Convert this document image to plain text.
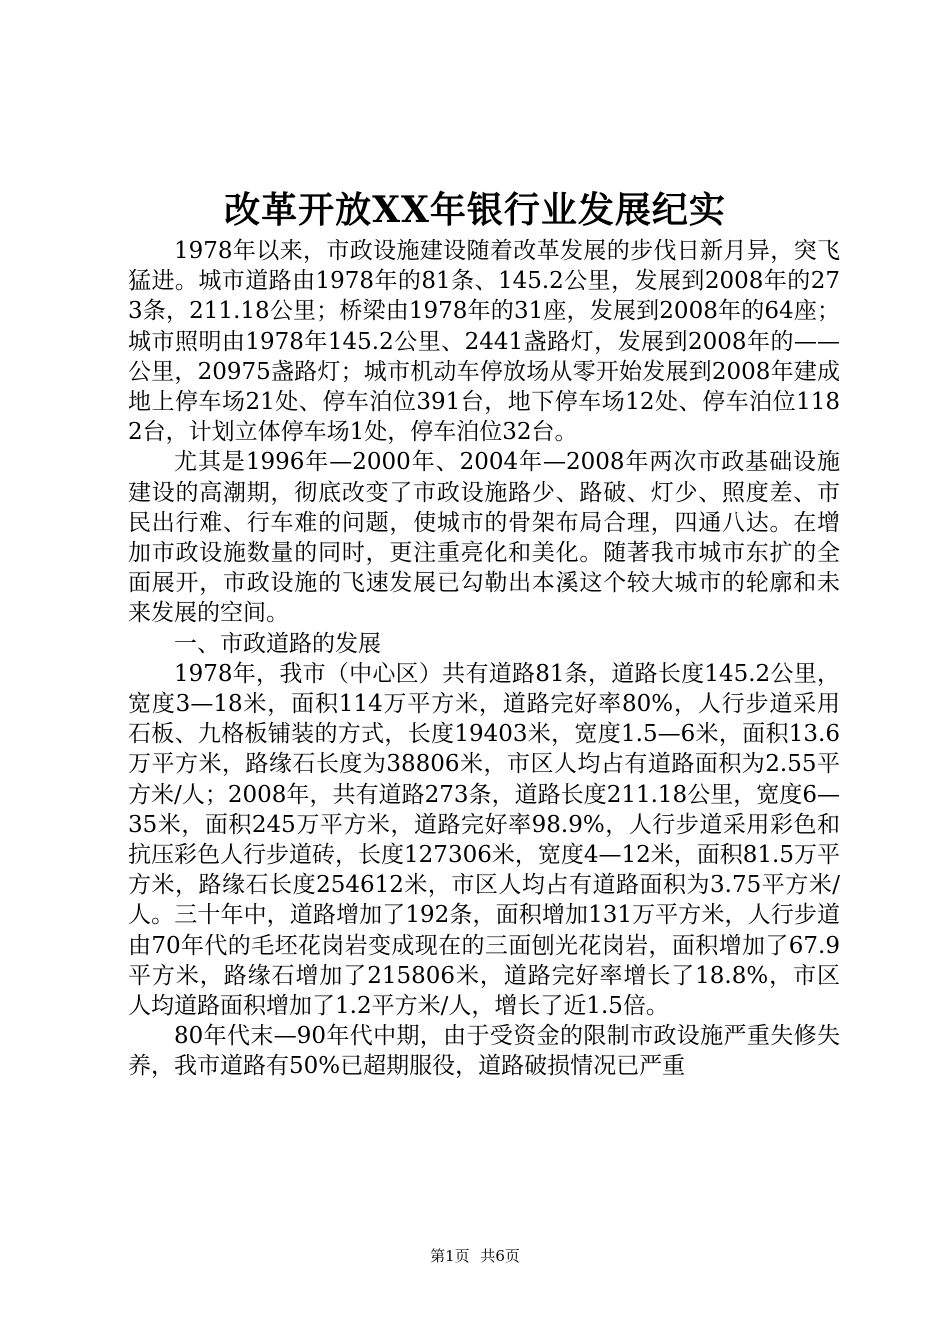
改革开放XX年银行业发展纪实

1978年以来，市政设施建设随着改革发展的步伐日新月异，突飞猛进。城市道路由1978年的81条、145.2公里，发展到2008年的273条，211.18公里；桥梁由1978年的31座，发展到2008年的64座；城市照明由1978年145.2公里、2441盏路灯，发展到2008年的——公里，20975盏路灯；城市机动车停放场从零开始发展到2008年建成地上停车场21处、停车泊位391台，地下停车场12处、停车泊位1182台，计划立体停车场1处，停车泊位32台。

尤其是1996年—2000年、2004年—2008年两次市政基础设施建设的高潮期，彻底改变了市政设施路少、路破、灯少、照度差、市民出行难、行车难的问题，使城市的骨架布局合理，四通八达。在增加市政设施数量的同时，更注重亮化和美化。随著我市城市东扩的全面展开，市政设施的飞速发展已勾勒出本溪这个较大城市的轮廓和未来发展的空间。

一、市政道路的发展

1978年，我市（中心区）共有道路81条，道路长度145.2公里，宽度3—18米，面积114万平方米，道路完好率80%，人行步道采用石板、九格板铺装的方式，长度19403米，宽度1.5—6米，面积13.6万平方米，路缘石长度为38806米，市区人均占有道路面积为2.55平方米/人；2008年，共有道路273条，道路长度211.18公里，宽度6—35米，面积245万平方米，道路完好率98.9%，人行步道采用彩色和抗压彩色人行步道砖，长度127306米，宽度4—12米，面积81.5万平方米，路缘石长度254612米，市区人均占有道路面积为3.75平方米/人。三十年中，道路增加了192条，面积增加131万平方米，人行步道由70年代的毛坯花岗岩变成现在的三面刨光花岗岩，面积增加了67.9平方米，路缘石增加了215806米，道路完好率增长了18.8%，市区人均道路面积增加了1.2平方米/人，增长了近1.5倍。

80年代末—90年代中期，由于受资金的限制市政设施严重失修失养，我市道路有50%已超期服役，道路破损情况已严重

第1页 共6页
